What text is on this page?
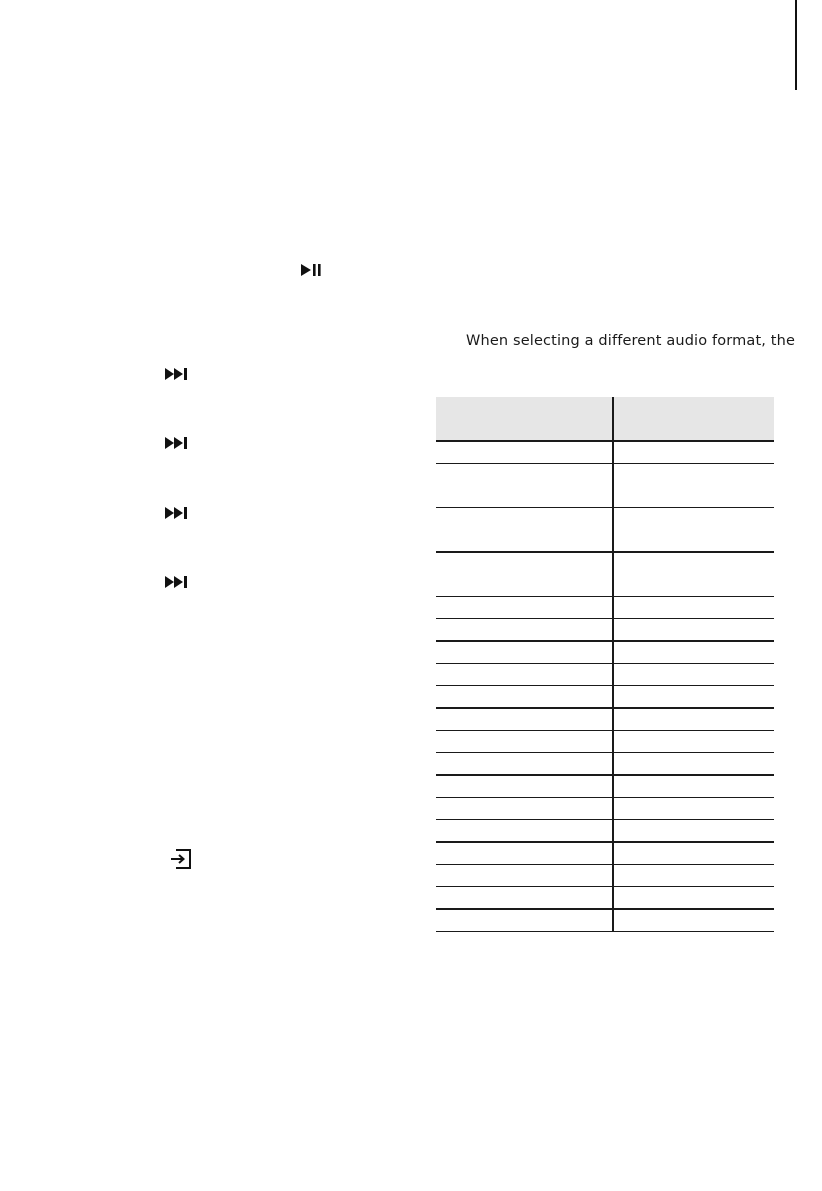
When selecting a different audio format, the
